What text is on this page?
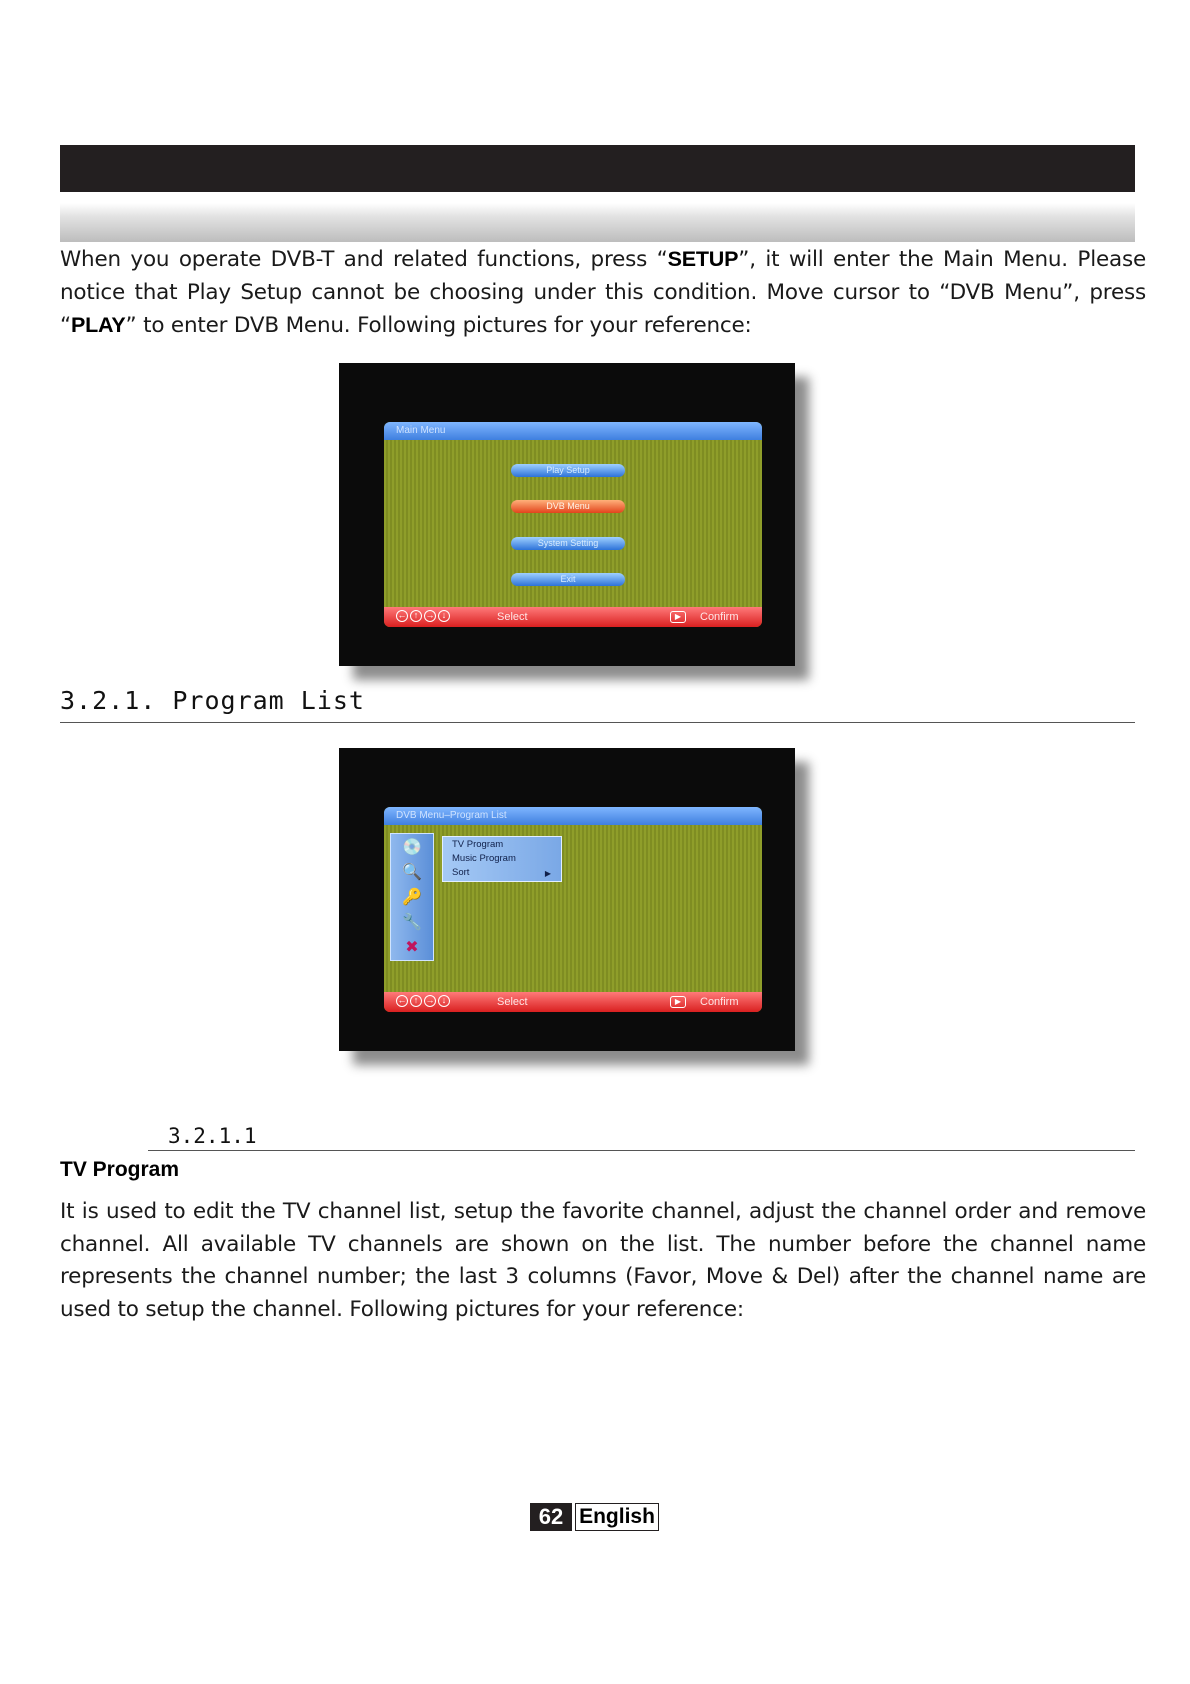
When you operate DVB-T and related functions, press “SETUP”, it will enter the Main Menu. Please notice that Play Setup cannot be choosing under this condition. Move cursor to “DVB Menu”, press “PLAY” to enter DVB Menu. Following pictures for your reference:

Main Menu
Play Setup
DVB Menu
System Setting
Exit
← ↑ → ↓	Select	▶	Confirm
3.2.1. Program List
DVB Menu–Program List
💿
🔍
🔑
🔧
✖
TV Program
Music Program
Sort	▶
← ↑ → ↓	Select	▶	Confirm

3.2.1.1

TV Program

It is used to edit the TV channel list, setup the favorite channel, adjust the channel order and remove channel. All available TV channels are shown on the list. The number before the channel name represents the channel number; the last 3 columns (Favor, Move & Del) after the channel name are used to setup the channel. Following pictures for your reference:

62 English
